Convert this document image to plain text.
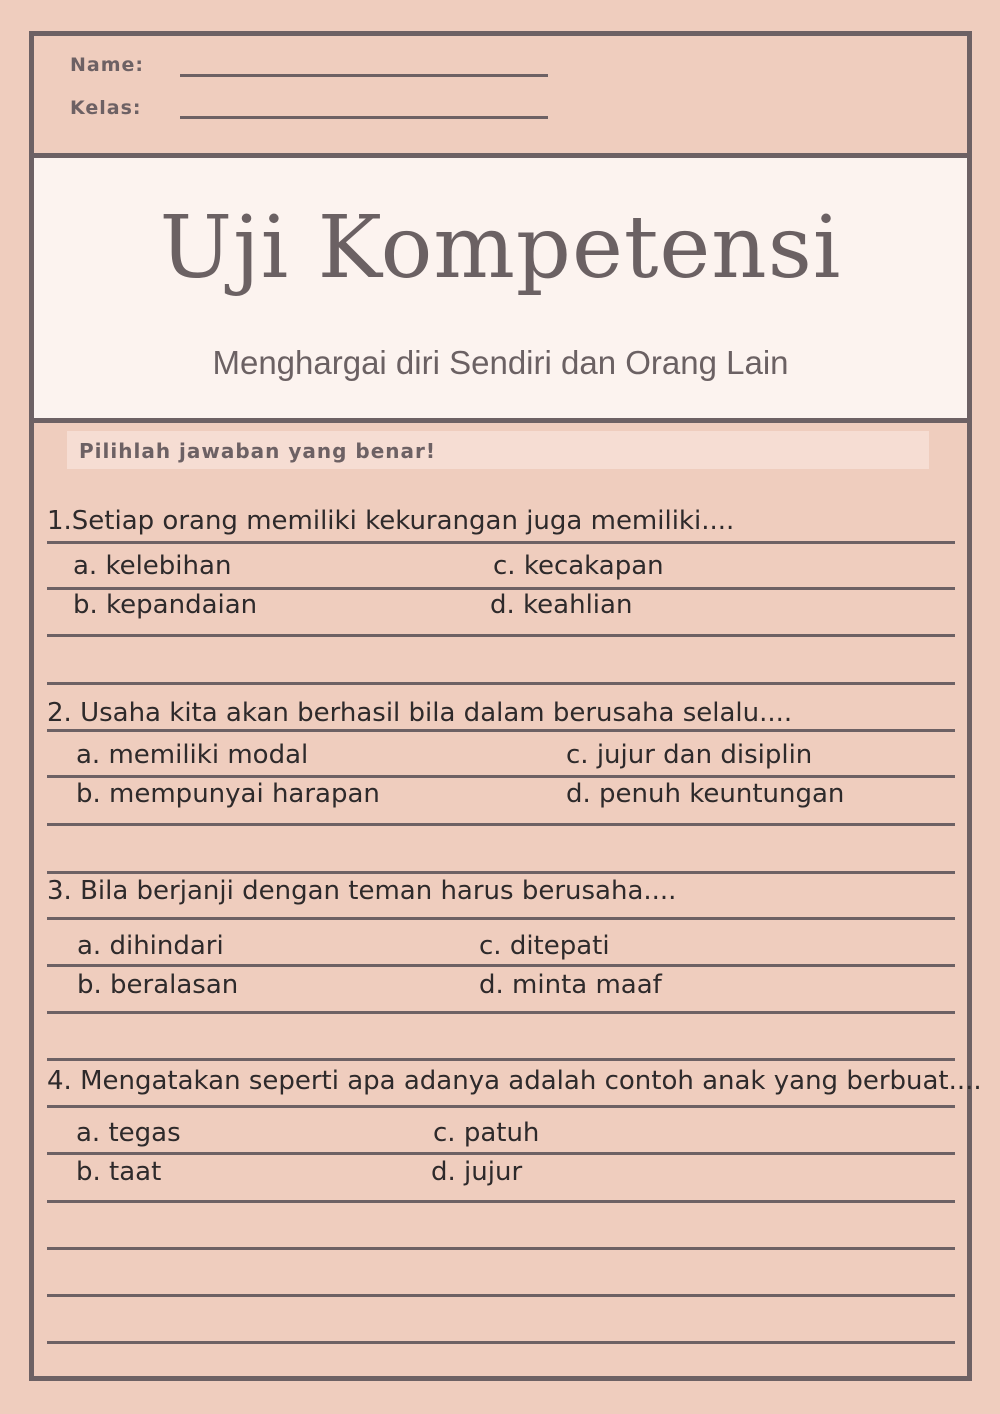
Name:
Kelas:
Uji Kompetensi
Menghargai diri Sendiri dan Orang Lain
Pilihlah jawaban yang benar!
1.Setiap orang memiliki kekurangan juga memiliki....
a. kelebihan	c. kecakapan
b. kepandaian	d. keahlian
2. Usaha kita akan berhasil bila dalam berusaha selalu....
a. memiliki modal	c. jujur dan disiplin
b. mempunyai harapan	d. penuh keuntungan
3. Bila berjanji dengan teman harus berusaha....
a. dihindari	c. ditepati
b. beralasan	d. minta maaf
4. Mengatakan seperti apa adanya adalah contoh anak yang berbuat....
a. tegas	c. patuh
b. taat	d. jujur
